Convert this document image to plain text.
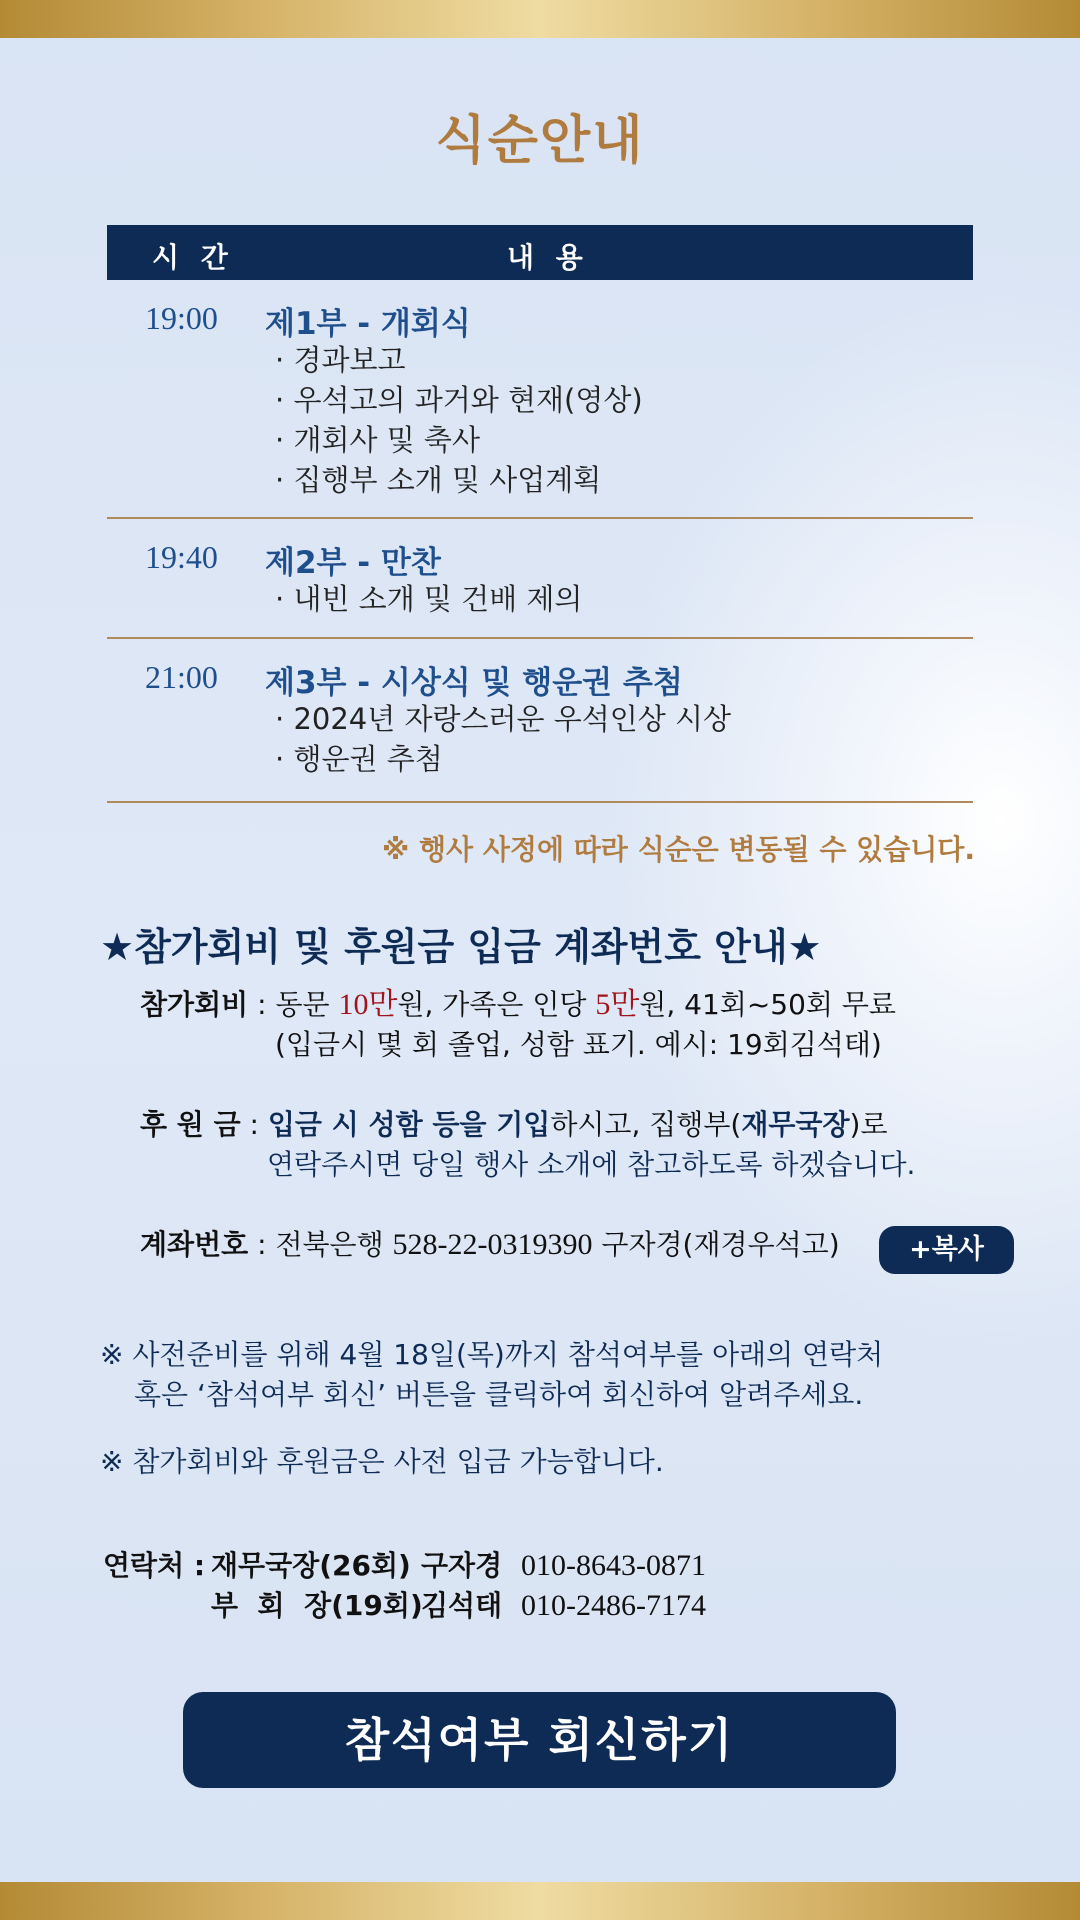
식순안내
시 간	내 용
19:00 제1부 - 개회식
· 경과보고
· 우석고의 과거와 현재(영상)
· 개회사 및 축사
· 집행부 소개 및 사업계획
19:40 제2부 - 만찬
· 내빈 소개 및 건배 제의
21:00 제3부 - 시상식 및 행운권 추첨
· 2024년 자랑스러운 우석인상 시상
· 행운권 추첨

※ 행사 사정에 따라 식순은 변동될 수 있습니다.

★참가회비 및 후원금 입금 계좌번호 안내★
참가회비 : 동문 10만원, 가족은 인당 5만원, 41회~50회 무료
(입금시 몇 회 졸업, 성함 표기. 예시: 19회김석태)
후 원 금 : 입금 시 성함 등을 기입하시고, 집행부(재무국장)로
연락주시면 당일 행사 소개에 참고하도록 하겠습니다.
계좌번호 : 전북은행 528-22-0319390 구자경(재경우석고)	+복사
※ 사전준비를 위해 4월 18일(목)까지 참석여부를 아래의 연락처
혹은 ‘참석여부 회신’ 버튼을 클릭하여 회신하여 알려주세요.
※ 참가회비와 후원금은 사전 입금 가능합니다.
연락처 : 재무국장(26회) 구자경 010-8643-0871
부  회  장(19회)
김석태 010-2486-7174
참석여부 회신하기
